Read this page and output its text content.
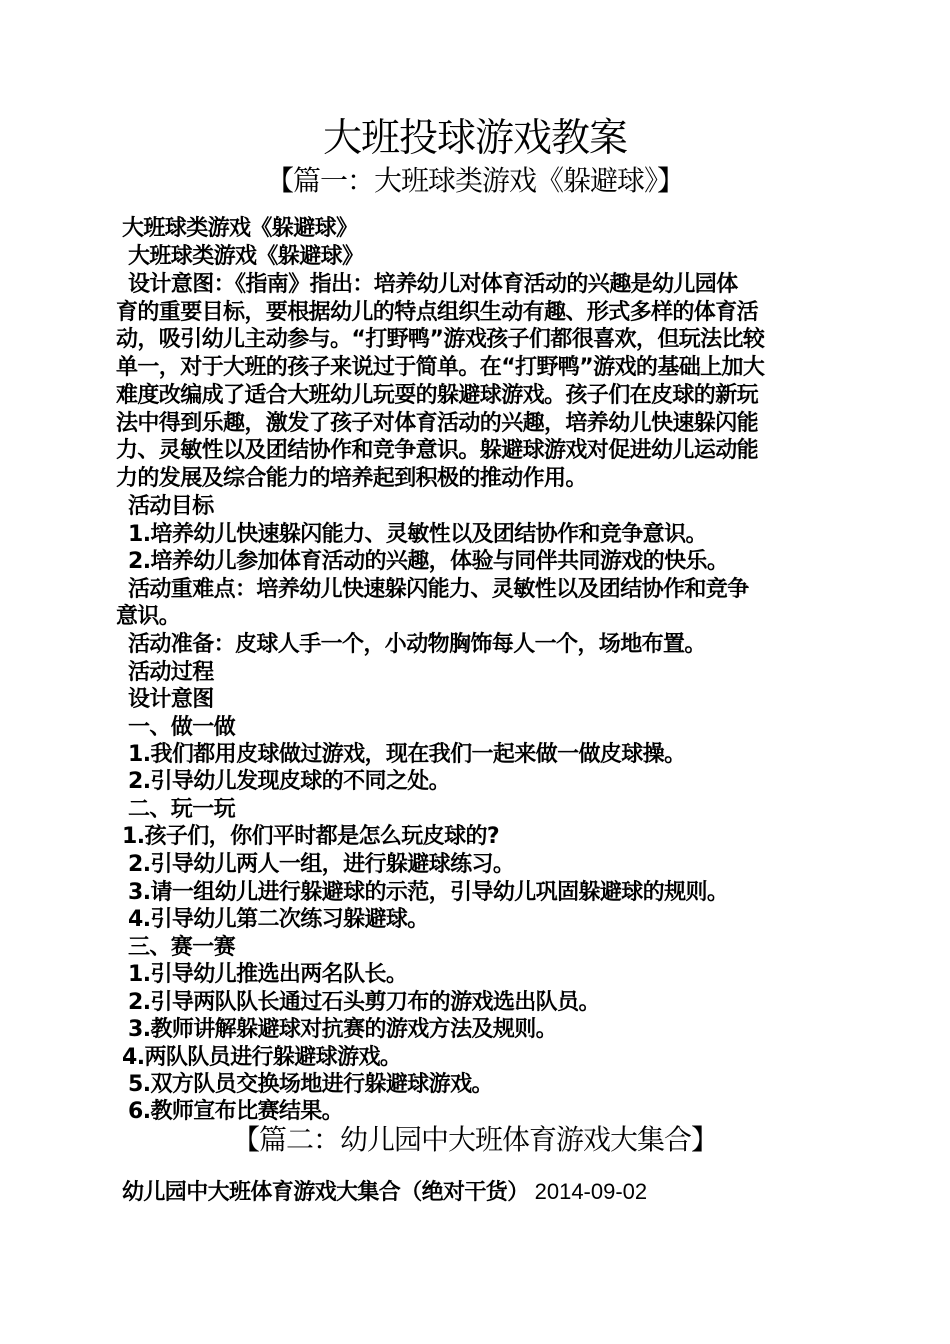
大班投球游戏教案
【篇一：大班球类游戏《躲避球》】
大班球类游戏《躲避球》
大班球类游戏《躲避球》
设计意图：《指南》指出：培养幼儿对体育活动的兴趣是幼儿园体
育的重要目标，要根据幼儿的特点组织生动有趣、形式多样的体育活
动，吸引幼儿主动参与。“打野鸭”游戏孩子们都很喜欢，但玩法比较
单一，对于大班的孩子来说过于简单。在“打野鸭”游戏的基础上加大
难度改编成了适合大班幼儿玩耍的躲避球游戏。孩子们在皮球的新玩
法中得到乐趣，激发了孩子对体育活动的兴趣，培养幼儿快速躲闪能
力、灵敏性以及团结协作和竞争意识。躲避球游戏对促进幼儿运动能
力的发展及综合能力的培养起到积极的推动作用。
活动目标
1.培养幼儿快速躲闪能力、灵敏性以及团结协作和竞争意识。
2.培养幼儿参加体育活动的兴趣，体验与同伴共同游戏的快乐。
活动重难点：培养幼儿快速躲闪能力、灵敏性以及团结协作和竞争
意识。
活动准备：皮球人手一个，小动物胸饰每人一个，场地布置。
活动过程
设计意图
一、做一做
1.我们都用皮球做过游戏，现在我们一起来做一做皮球操。
2.引导幼儿发现皮球的不同之处。
二、玩一玩
1.孩子们，你们平时都是怎么玩皮球的?
2.引导幼儿两人一组，进行躲避球练习。
3.请一组幼儿进行躲避球的示范，引导幼儿巩固躲避球的规则。
4.引导幼儿第二次练习躲避球。
三、赛一赛
1.引导幼儿推选出两名队长。
2.引导两队队长通过石头剪刀布的游戏选出队员。
3.教师讲解躲避球对抗赛的游戏方法及规则。
4.两队队员进行躲避球游戏。
5.双方队员交换场地进行躲避球游戏。
6.教师宣布比赛结果。
【篇二：幼儿园中大班体育游戏大集合】
幼儿园中大班体育游戏大集合（绝对干货） 2014-09-02
